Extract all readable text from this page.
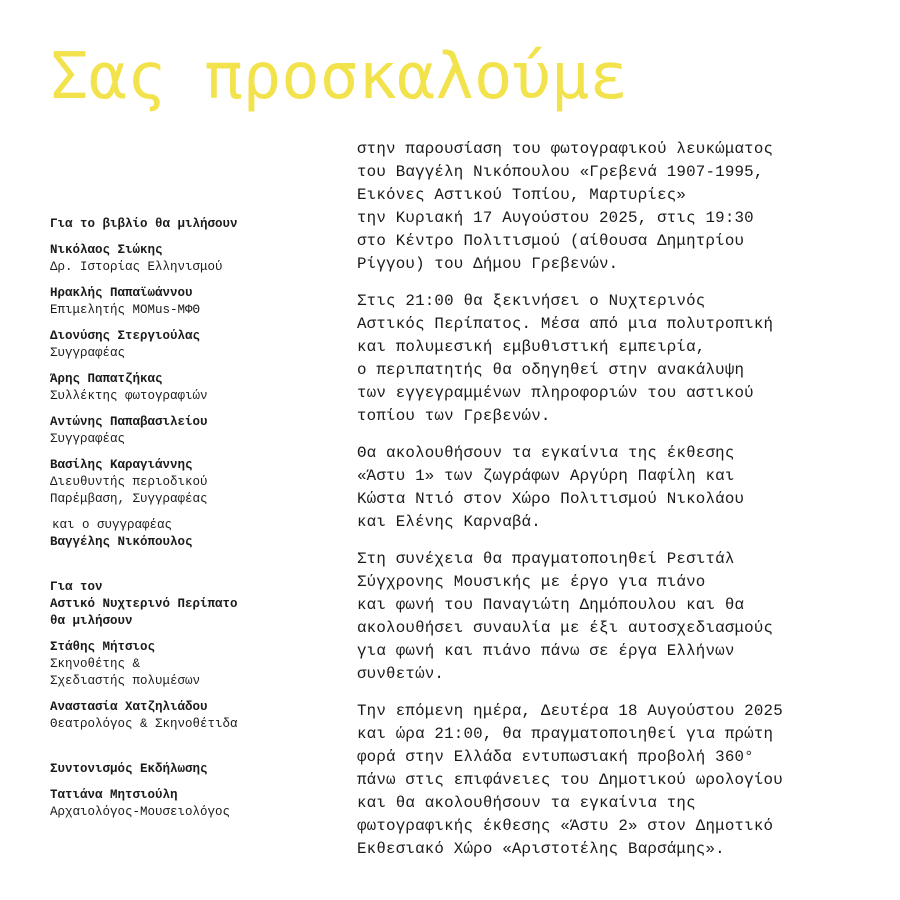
Σας προσκαλούμε
Για το βιβλίο θα μιλήσουν
Νικόλαος Σιώκης
Δρ. Ιστορίας Ελληνισμού
Ηρακλής Παπαϊωάννου
Επιμελητής MOMus-ΜΦΘ
Διονύσης Στεργιούλας
Συγγραφέας
Άρης Παπατζήκας
Συλλέκτης φωτογραφιών
Αντώνης Παπαβασιλείου
Συγγραφέας
Βασίλης Καραγιάννης
Διευθυντής περιοδικού
Παρέμβαση, Συγγραφέας
και ο συγγραφέας
Βαγγέλης Νικόπουλος
Για τον
Αστικό Νυχτερινό Περίπατο
θα μιλήσουν
Στάθης Μήτσιος
Σκηνοθέτης &
Σχεδιαστής πολυμέσων
Αναστασία Χατζηλιάδου
Θεατρολόγος & Σκηνοθέτιδα
Συντονισμός Εκδήλωσης
Τατιάνα Μητσιούλη
Αρχαιολόγος-Μουσειολόγος

στην παρουσίαση του φωτογραφικού λευκώματος
του Βαγγέλη Νικόπουλου «Γρεβενά 1907-1995,
Εικόνες Αστικού Τοπίου, Μαρτυρίες»
την Κυριακή 17 Αυγούστου 2025, στις 19:30
στο Κέντρο Πολιτισμού (αίθουσα Δημητρίου
Ρίγγου) του Δήμου Γρεβενών.

Στις 21:00 θα ξεκινήσει ο Νυχτερινός
Αστικός Περίπατος. Μέσα από μια πολυτροπική
και πολυμεσική εμβυθιστική εμπειρία,
ο περιπατητής θα οδηγηθεί στην ανακάλυψη
των εγγεγραμμένων πληροφοριών του αστικού
τοπίου των Γρεβενών.

Θα ακολουθήσουν τα εγκαίνια της έκθεσης
«Άστυ 1» των ζωγράφων Αργύρη Παφίλη και
Κώστα Ντιό στον Χώρο Πολιτισμού Νικολάου
και Ελένης Καρναβά.

Στη συνέχεια θα πραγματοποιηθεί Ρεσιτάλ
Σύγχρονης Μουσικής με έργο για πιάνο
και φωνή του Παναγιώτη Δημόπουλου και θα
ακολουθήσει συναυλία με έξι αυτοσχεδιασμούς
για φωνή και πιάνο πάνω σε έργα Ελλήνων
συνθετών.

Την επόμενη ημέρα, Δευτέρα 18 Αυγούστου 2025
και ώρα 21:00, θα πραγματοποιηθεί για πρώτη
φορά στην Ελλάδα εντυπωσιακή προβολή 360°
πάνω στις επιφάνειες του Δημοτικού ωρολογίου
και θα ακολουθήσουν τα εγκαίνια της
φωτογραφικής έκθεσης «Άστυ 2» στον Δημοτικό
Εκθεσιακό Χώρο «Αριστοτέλης Βαρσάμης».
